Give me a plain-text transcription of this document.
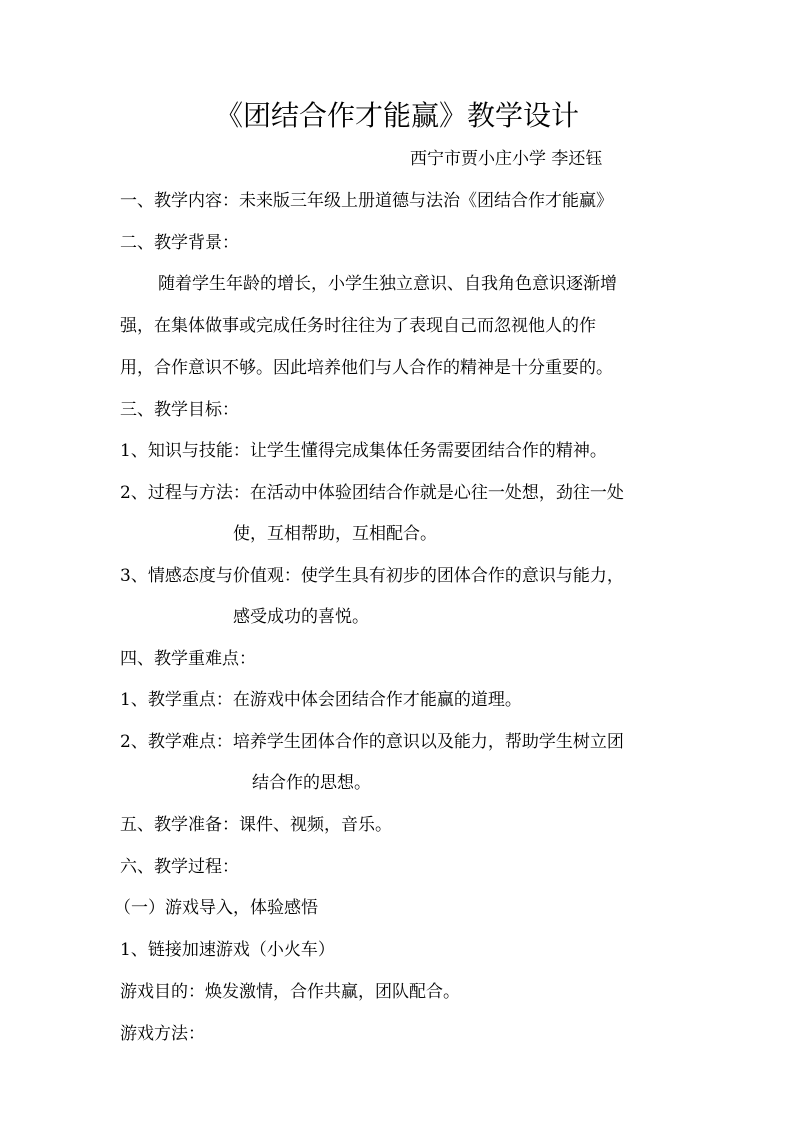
《团结合作才能赢》教学设计
西宁市贾小庄小学 李还钰
一、教学内容：未来版三年级上册道德与法治《团结合作才能赢》
二、教学背景：
随着学生年龄的增长，小学生独立意识、自我角色意识逐渐增
强，在集体做事或完成任务时往往为了表现自己而忽视他人的作
用，合作意识不够。因此培养他们与人合作的精神是十分重要的。
三、教学目标：
1、知识与技能：让学生懂得完成集体任务需要团结合作的精神。
2、过程与方法：在活动中体验团结合作就是心往一处想，劲往一处
使，互相帮助，互相配合。
3、情感态度与价值观：使学生具有初步的团体合作的意识与能力，
感受成功的喜悦。
四、教学重难点：
1、教学重点：在游戏中体会团结合作才能赢的道理。
2、教学难点：培养学生团体合作的意识以及能力，帮助学生树立团
结合作的思想。
五、教学准备：课件、视频，音乐。
六、教学过程：
（一）游戏导入，体验感悟
1、链接加速游戏（小火车）
游戏目的：焕发激情，合作共赢，团队配合。
游戏方法：
